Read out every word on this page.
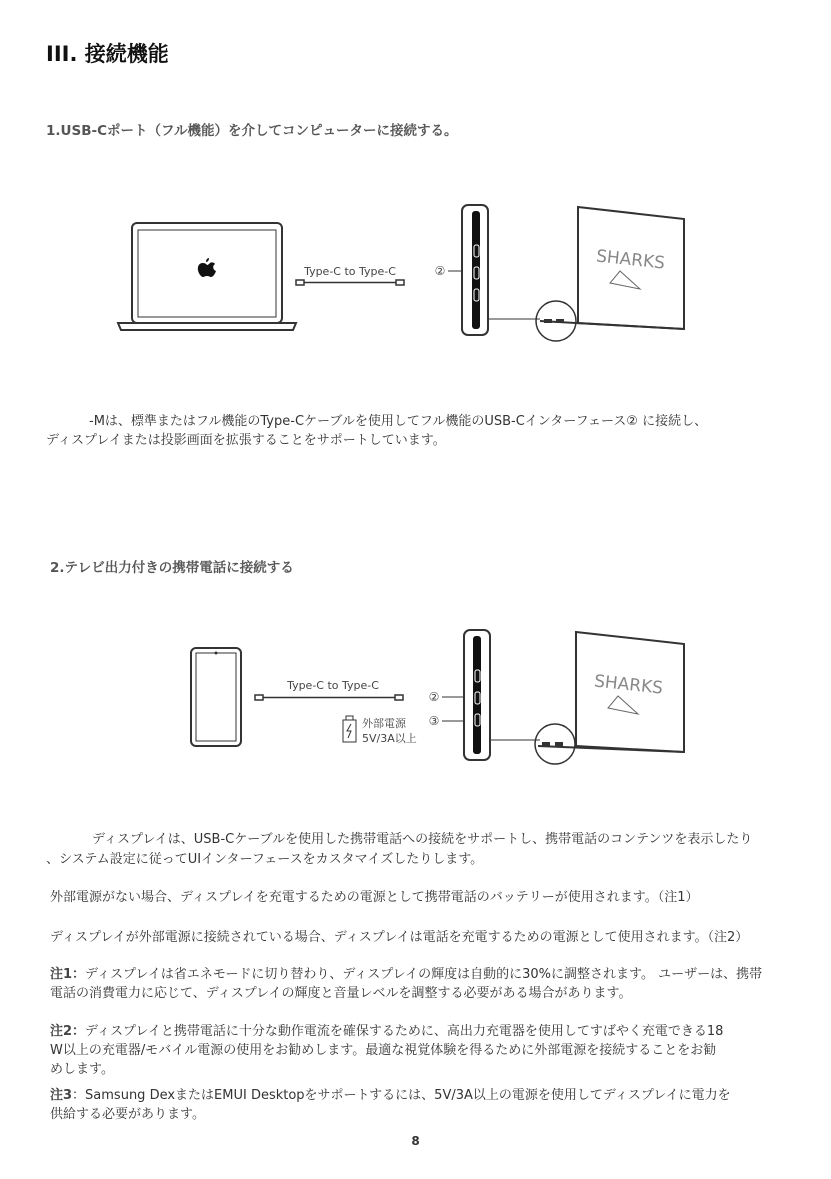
III. 接続機能
1.USB-Cポート（フル機能）を介してコンピューターに接続する。
Type-C to Type-C	②	SHARKS
-Mは、標準またはフル機能のType-Cケーブルを使用してフル機能のUSB-Cインターフェース② に接続し、
ディスプレイまたは投影画面を拡張することをサポートしています。
2.テレビ出力付きの携帯電話に接続する
Type-C to Type-C
②
③
外部電源
5V/3A以上
SHARKS
ディスプレイは、USB-Cケーブルを使用した携帯電話への接続をサポートし、携帯電話のコンテンツを表示したり
、システム設定に従ってUIインターフェースをカスタマイズしたりします。
外部電源がない場合、ディスプレイを充電するための電源として携帯電話のバッテリーが使用されます。（注1）
ディスプレイが外部電源に接続されている場合、ディスプレイは電話を充電するための電源として使用されます。（注2）
注1：ディスプレイは省エネモードに切り替わり、ディスプレイの輝度は自動的に30%に調整されます。 ユーザーは、携帯
電話の消費電力に応じて、ディスプレイの輝度と音量レベルを調整する必要がある場合があります。
注2：ディスプレイと携帯電話に十分な動作電流を確保するために、高出力充電器を使用してすばやく充電できる18
W以上の充電器/モバイル電源の使用をお勧めします。最適な視覚体験を得るために外部電源を接続することをお勧
めします。
注3：Samsung DexまたはEMUI Desktopをサポートするには、5V/3A以上の電源を使用してディスプレイに電力を
供給する必要があります。
8
